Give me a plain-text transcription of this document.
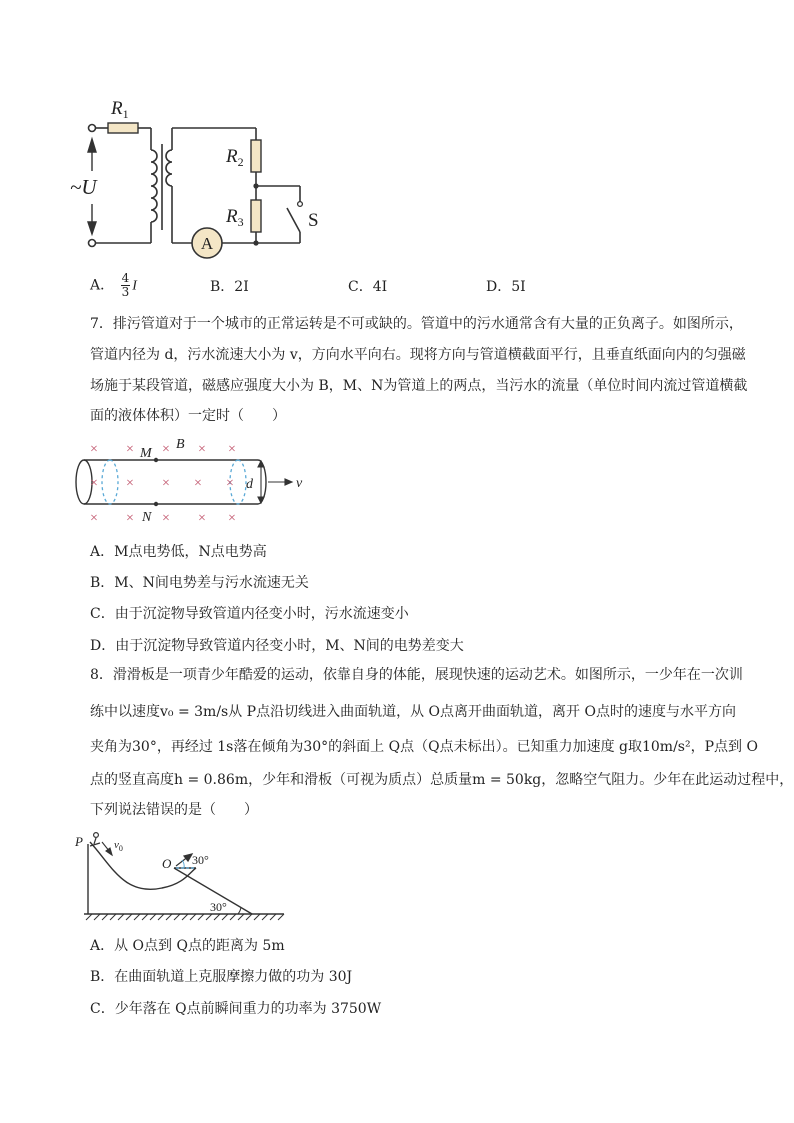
A
$R_1$
$R_2$
$R_3$
~U
S
A． $\frac{4}{3}$ I	B．2I	C．4I	D．5I
7．排污管道对于一个城市的正常运转是不可或缺的。管道中的污水通常含有大量的正负离子。如图所示，
管道内径为 d，污水流速大小为 v，方向水平向右。现将方向与管道横截面平行，且垂直纸面向内的匀强磁
场施于某段管道，磁感应强度大小为 B，M、N为管道上的两点，当污水的流量（单位时间内流过管道横截
面的液体体积）一定时（　　）
× × × × ×
× × × × ×
× × × × ×
M
B
N
d	v
A．M点电势低，N点电势高
B．M、N间电势差与污水流速无关
C．由于沉淀物导致管道内径变小时，污水流速变小
D．由于沉淀物导致管道内径变小时，M、N间的电势差变大
8．滑滑板是一项青少年酷爱的运动，依靠自身的体能，展现快速的运动艺术。如图所示，一少年在一次训
练中以速度v₀ = 3m/s从 P点沿切线进入曲面轨道，从 O点离开曲面轨道，离开 O点时的速度与水平方向
夹角为30°，再经过 1s落在倾角为30°的斜面上 Q点（Q点未标出）。已知重力加速度 g取10m/s²，P点到 O
点的竖直高度h = 0.86m，少年和滑板（可视为质点）总质量m = 50kg，忽略空气阻力。少年在此运动过程中，
下列说法错误的是（　　）
P	$v_0$
O 30°
30°
A．从 O点到 Q点的距离为 5m
B．在曲面轨道上克服摩擦力做的功为 30J
C．少年落在 Q点前瞬间重力的功率为 3750W
